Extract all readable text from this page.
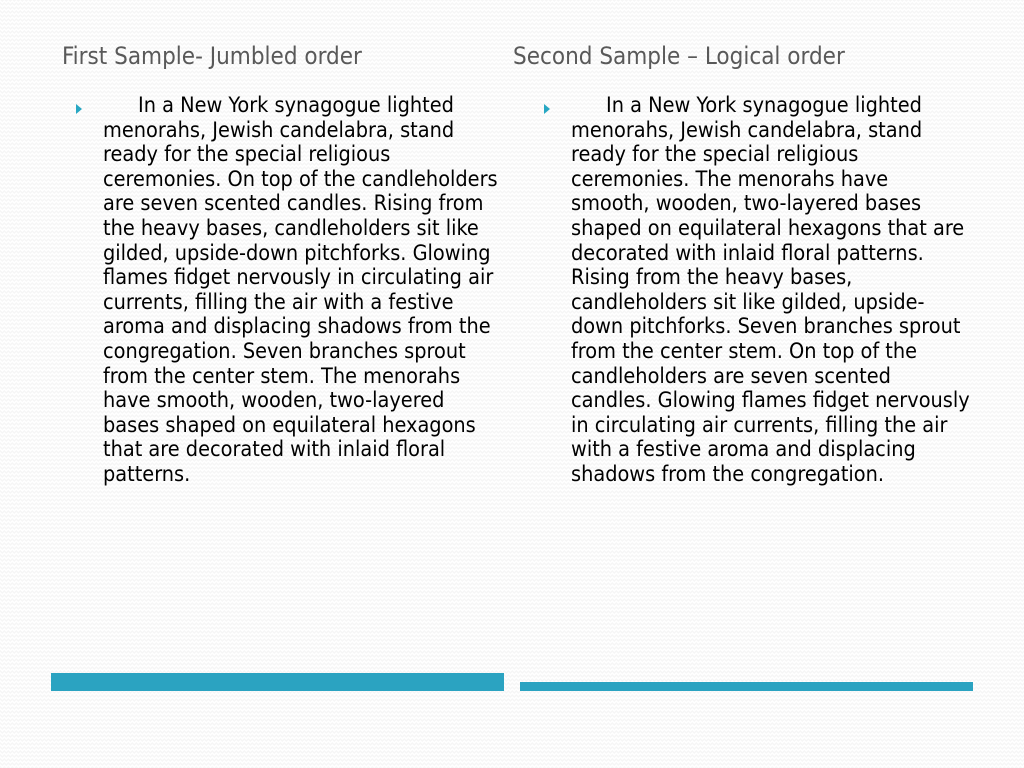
First Sample- Jumbled order	Second Sample – Logical order

In a New York synagogue lighted menorahs, Jewish candelabra, stand ready for the special religious ceremonies. On top of the candleholders are seven scented candles. Rising from the heavy bases, candleholders sit like gilded, upside-down pitchforks. Glowing flames fidget nervously in circulating air currents, filling the air with a festive aroma and displacing shadows from the congregation. Seven branches sprout from the center stem. The menorahs have smooth, wooden, two-layered bases shaped on equilateral hexagons that are decorated with inlaid floral patterns.

In a New York synagogue lighted menorahs, Jewish candelabra, stand ready for the special religious ceremonies. The menorahs have smooth, wooden, two-layered bases shaped on equilateral hexagons that are decorated with inlaid floral patterns. Rising from the heavy bases, candleholders sit like gilded, upside-down pitchforks. Seven branches sprout from the center stem. On top of the candleholders are seven scented candles. Glowing flames fidget nervously in circulating air currents, filling the air with a festive aroma and displacing shadows from the congregation.
